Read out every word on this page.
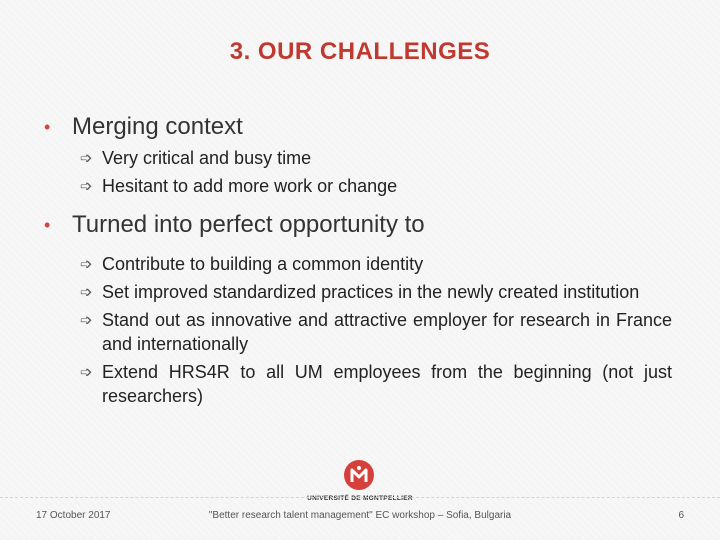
3. OUR CHALLENGES
• Merging context
➩ Very critical and busy time
➩ Hesitant to add more work or change
• Turned into perfect opportunity to
➩ Contribute to building a common identity
➩ Set improved standardized practices in the newly created institution
➩ Stand out as innovative and attractive employer for research in France and internationally
➩ Extend HRS4R to all UM employees from the beginning (not just researchers)
UNIVERSITÉ DE MONTPELLIER
17 October 2017	"Better research talent management" EC workshop – Sofia, Bulgaria	6
